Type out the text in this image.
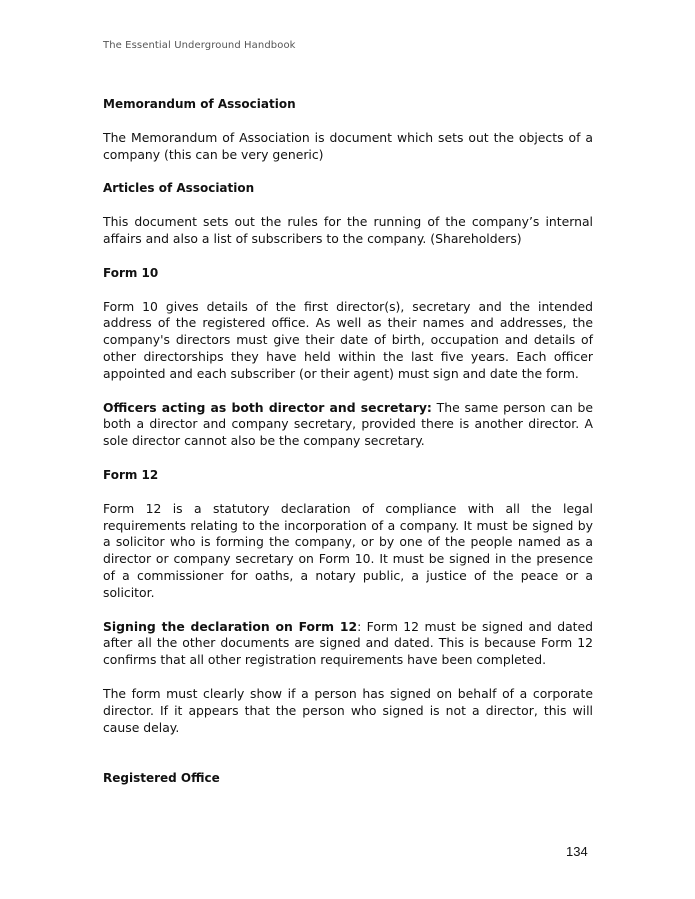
The Essential Underground Handbook

Memorandum of Association

The Memorandum of Association is document which sets out the objects of a company (this can be very generic)

Articles of Association

This document sets out the rules for the running of the company’s internal affairs and also a list of subscribers to the company. (Shareholders)

Form 10

Form 10 gives details of the first director(s), secretary and the intended address of the registered office. As well as their names and addresses, the company's directors must give their date of birth, occupation and details of other directorships they have held within the last five years. Each officer appointed and each subscriber (or their agent) must sign and date the form.

Officers acting as both director and secretary: The same person can be both a director and company secretary, provided there is another director. A sole director cannot also be the company secretary.

Form 12

Form 12 is a statutory declaration of compliance with all the legal requirements relating to the incorporation of a company. It must be signed by a solicitor who is forming the company, or by one of the people named as a director or company secretary on Form 10. It must be signed in the presence of a commissioner for oaths, a notary public, a justice of the peace or a solicitor.

Signing the declaration on Form 12: Form 12 must be signed and dated after all the other documents are signed and dated. This is because Form 12 confirms that all other registration requirements have been completed.

The form must clearly show if a person has signed on behalf of a corporate director. If it appears that the person who signed is not a director, this will cause delay.

Registered Office

134
